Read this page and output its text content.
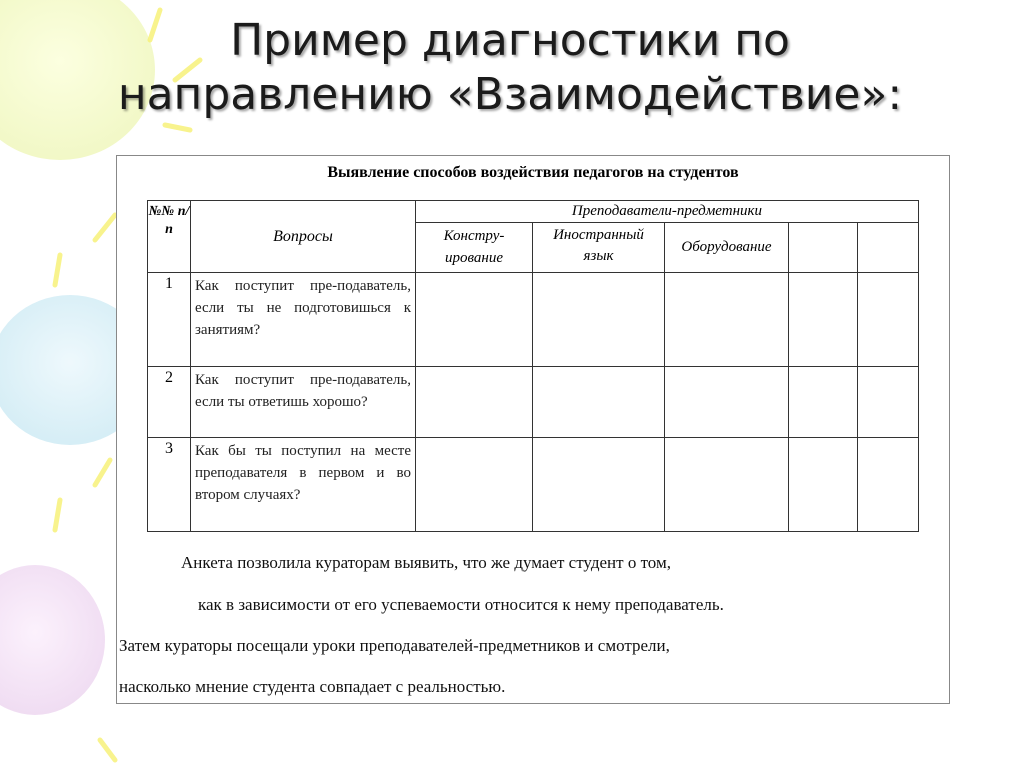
Пример диагностики по
направлению «Взаимодействие»:
Выявление способов воздействия педагогов на студентов
№№ п/п	Вопросы	Преподаватели-предметники				
		Констру-ирование	Иностранный язык	Оборудование		
1	Как поступит пре-подаватель, если ты не подготовишься к занятиям?					
2	Как поступит пре-подаватель, если ты ответишь хорошо?					
3	Как бы ты поступил на месте преподавателя в первом и во втором случаях?					
Анкета позволила кураторам выявить, что же думает студент о том,
как в зависимости от его успеваемости относится к нему преподаватель.
Затем кураторы посещали уроки преподавателей-предметников и смотрели,
насколько мнение студента совпадает с реальностью.
